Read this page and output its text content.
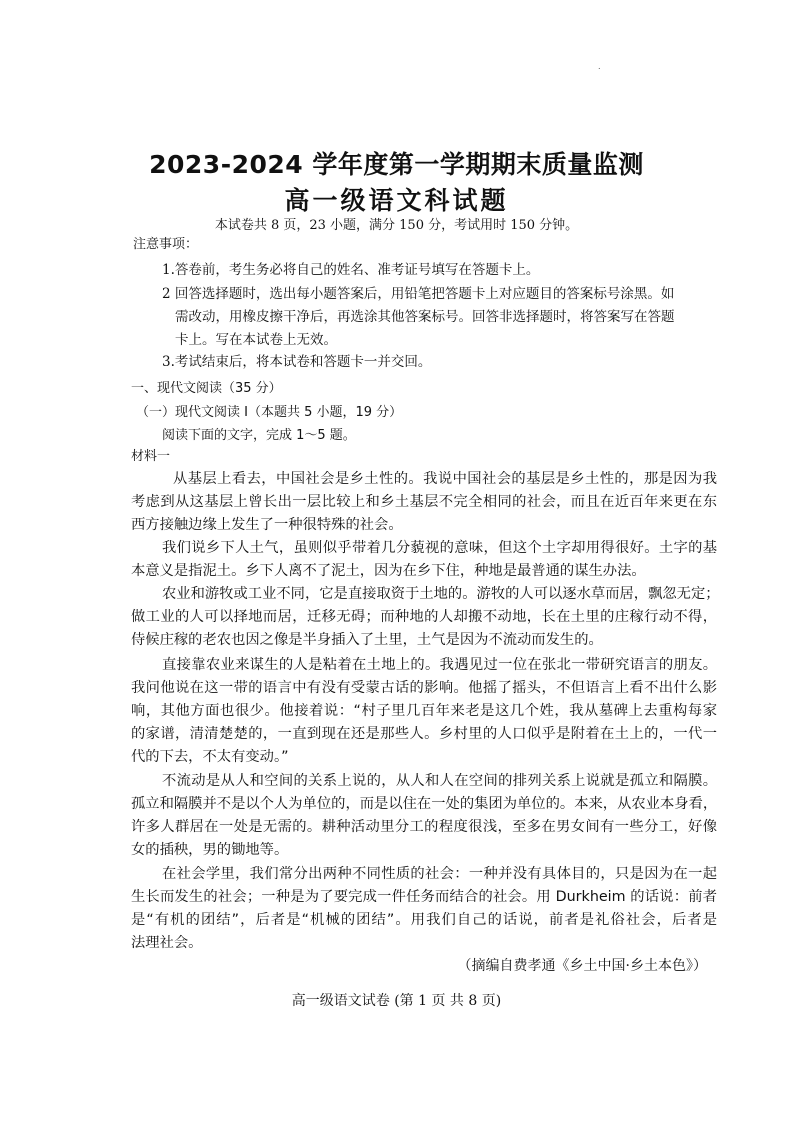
.
2023-2024 学年度第一学期期末质量监测
高一级语文科试题
本试卷共 8 页，23 小题，满分 150 分，考试用时 150 分钟。
注意事项：
1.答卷前，考生务必将自己的姓名、准考证号填写在答题卡上。
2 回答选择题时，选出每小题答案后，用铅笔把答题卡上对应题目的答案标号涂黑。如
需改动，用橡皮擦干净后，再选涂其他答案标号。回答非选择题时，将答案写在答题
卡上。写在本试卷上无效。
3.考试结束后，将本试卷和答题卡一并交回。
一、现代文阅读（35 分）
（一）现代文阅读 I（本题共 5 小题，19 分）
阅读下面的文字，完成 1～5 题。
材料一
从基层上看去，中国社会是乡土性的。我说中国社会的基层是乡土性的，那是因为我
考虑到从这基层上曾长出一层比较上和乡土基层不完全相同的社会，而且在近百年来更在东
西方接触边缘上发生了一种很特殊的社会。
我们说乡下人土气，虽则似乎带着几分藐视的意味，但这个土字却用得很好。土字的基
本意义是指泥土。乡下人离不了泥土，因为在乡下住，种地是最普通的谋生办法。
农业和游牧或工业不同，它是直接取资于土地的。游牧的人可以逐水草而居，飘忽无定；
做工业的人可以择地而居，迁移无碍；而种地的人却搬不动地，长在土里的庄稼行动不得，
侍候庄稼的老农也因之像是半身插入了土里，土气是因为不流动而发生的。
直接靠农业来谋生的人是粘着在土地上的。我遇见过一位在张北一带研究语言的朋友。
我问他说在这一带的语言中有没有受蒙古话的影响。他摇了摇头，不但语言上看不出什么影
响，其他方面也很少。他接着说：“村子里几百年来老是这几个姓，我从墓碑上去重构每家
的家谱，清清楚楚的，一直到现在还是那些人。乡村里的人口似乎是附着在土上的，一代一
代的下去，不太有变动。”
不流动是从人和空间的关系上说的，从人和人在空间的排列关系上说就是孤立和隔膜。
孤立和隔膜并不是以个人为单位的，而是以住在一处的集团为单位的。本来，从农业本身看，
许多人群居在一处是无需的。耕种活动里分工的程度很浅，至多在男女间有一些分工，好像
女的插秧，男的锄地等。
在社会学里，我们常分出两种不同性质的社会：一种并没有具体目的，只是因为在一起
生长而发生的社会；一种是为了要完成一件任务而结合的社会。用 Durkheim 的话说：前者
是“有机的团结”，后者是“机械的团结”。用我们自己的话说，前者是礼俗社会，后者是
法理社会。
（摘编自费孝通《乡土中国·乡土本色》）
高一级语文试卷 (第 1 页 共 8 页)
